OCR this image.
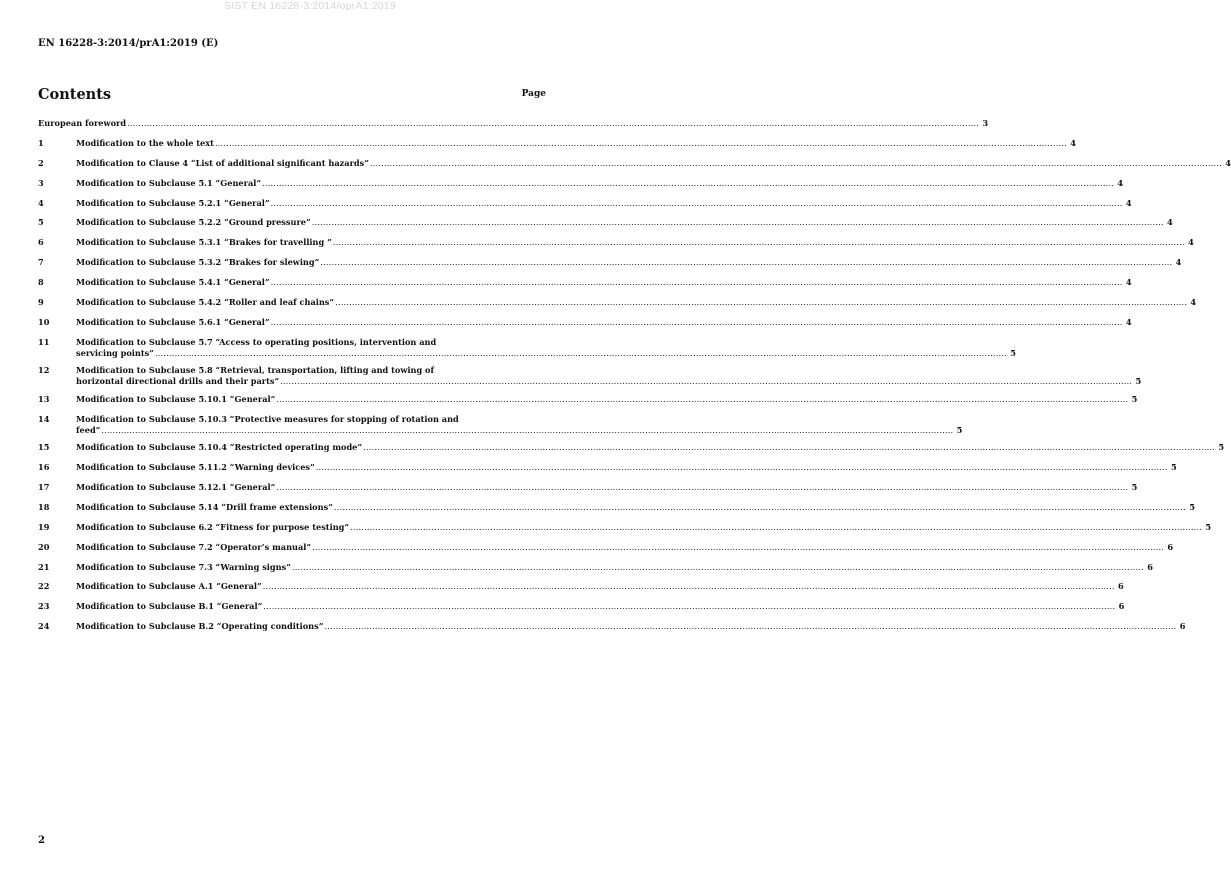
SIST EN 16228-3:2014/oprA1:2019
EN 16228-3:2014/prA1:2019 (E)
Contents	Page
European foreword .....	3
1	Modification to the whole text .....	4
2	Modification to Clause 4 “List of additional significant hazards” .....	4
3	Modification to Subclause 5.1 “General” .....	4
4	Modification to Subclause 5.2.1 “General” .....	4
5	Modification to Subclause 5.2.2 “Ground pressure” .....	4
6	Modification to Subclause 5.3.1 “Brakes for travelling ” .....	4
7	Modification to Subclause 5.3.2 “Brakes for slewing” .....	4
8	Modification to Subclause 5.4.1 “General” .....	4
9	Modification to Subclause 5.4.2 “Roller and leaf chains” .....	4
10	Modification to Subclause 5.6.1 “General” .....	4
11	Modification to Subclause 5.7 “Access to operating positions, intervention and
servicing points” .....	5
12	Modification to Subclause 5.8 “Retrieval, transportation, lifting and towing of
horizontal directional drills and their parts” .....	5
13	Modification to Subclause 5.10.1 “General” .....	5
14	Modification to Subclause 5.10.3 “Protective measures for stopping of rotation and
feed” .....	5
15	Modification to Subclause 5.10.4 “Restricted operating mode” .....	5
16	Modification to Subclause 5.11.2 “Warning devices” .....	5
17	Modification to Subclause 5.12.1 “General” .....	5
18	Modification to Subclause 5.14 “Drill frame extensions” .....	5
19	Modification to Subclause 6.2 “Fitness for purpose testing” .....	5
20	Modification to Subclause 7.2 “Operator’s manual” .....	6
21	Modification to Subclause 7.3 “Warning signs” .....	6
22	Modification to Subclause A.1 “General” .....	6
23	Modification to Subclause B.1 “General” .....	6
24	Modification to Subclause B.2 “Operating conditions” .....	6
2
